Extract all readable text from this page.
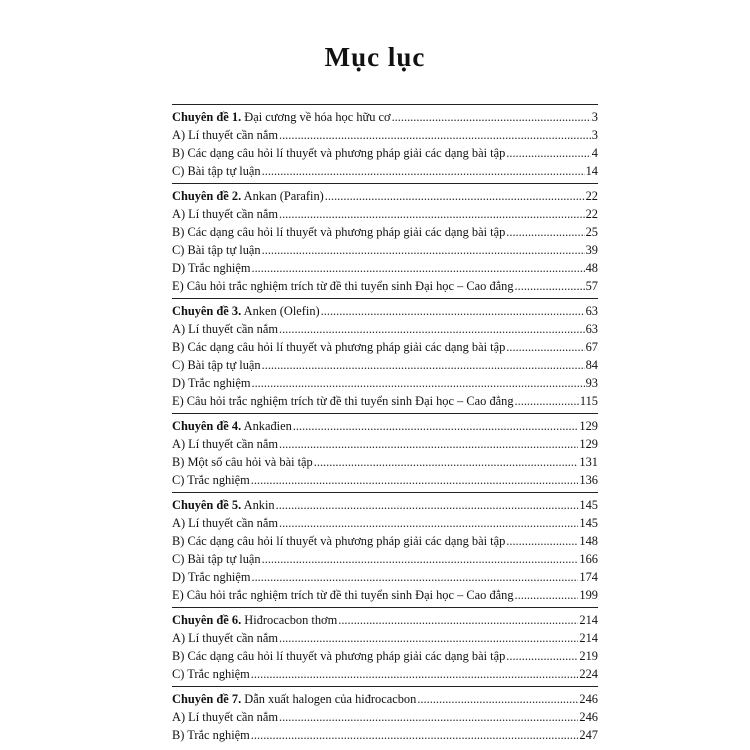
Mục lục
Chuyên đề 1. Đại cương về hóa học hữu cơ .....	3
A) Lí thuyết cần nắm .....	3
B) Các dạng câu hỏi lí thuyết và phương pháp giải các dạng bài tập .....	4
C) Bài tập tự luận .....	14
Chuyên đề 2. Ankan (Parafin) .....	22
A) Lí thuyết cần nắm .....	22
B) Các dạng câu hỏi lí thuyết và phương pháp giải các dạng bài tập .....	25
C) Bài tập tự luận .....	39
D) Trắc nghiệm .....	48
E) Câu hỏi trắc nghiệm trích từ đề thi tuyển sinh Đại học – Cao đẳng .....	57
Chuyên đề 3. Anken (Olefin) .....	63
A) Lí thuyết cần nắm .....	63
B) Các dạng câu hỏi lí thuyết và phương pháp giải các dạng bài tập .....	67
C) Bài tập tự luận .....	84
D) Trắc nghiệm .....	93
E) Câu hỏi trắc nghiệm trích từ đề thi tuyển sinh Đại học – Cao đẳng .....	115
Chuyên đề 4. Ankađien .....	129
A) Lí thuyết cần nắm .....	129
B) Một số câu hỏi và bài tập .....	131
C) Trắc nghiệm .....	136
Chuyên đề 5. Ankin .....	145
A) Lí thuyết cần nắm .....	145
B) Các dạng câu hỏi lí thuyết và phương pháp giải các dạng bài tập .....	148
C) Bài tập tự luận .....	166
D) Trắc nghiệm .....	174
E) Câu hỏi trắc nghiệm trích từ đề thi tuyển sinh Đại học – Cao đẳng .....	199
Chuyên đề 6. Hiđrocacbon thơm .....	214
A) Lí thuyết cần nắm .....	214
B) Các dạng câu hỏi lí thuyết và phương pháp giải các dạng bài tập .....	219
C) Trắc nghiệm .....	224
Chuyên đề 7. Dẫn xuất halogen của hiđrocacbon .....	246
A) Lí thuyết cần nắm .....	246
B) Trắc nghiệm .....	247
